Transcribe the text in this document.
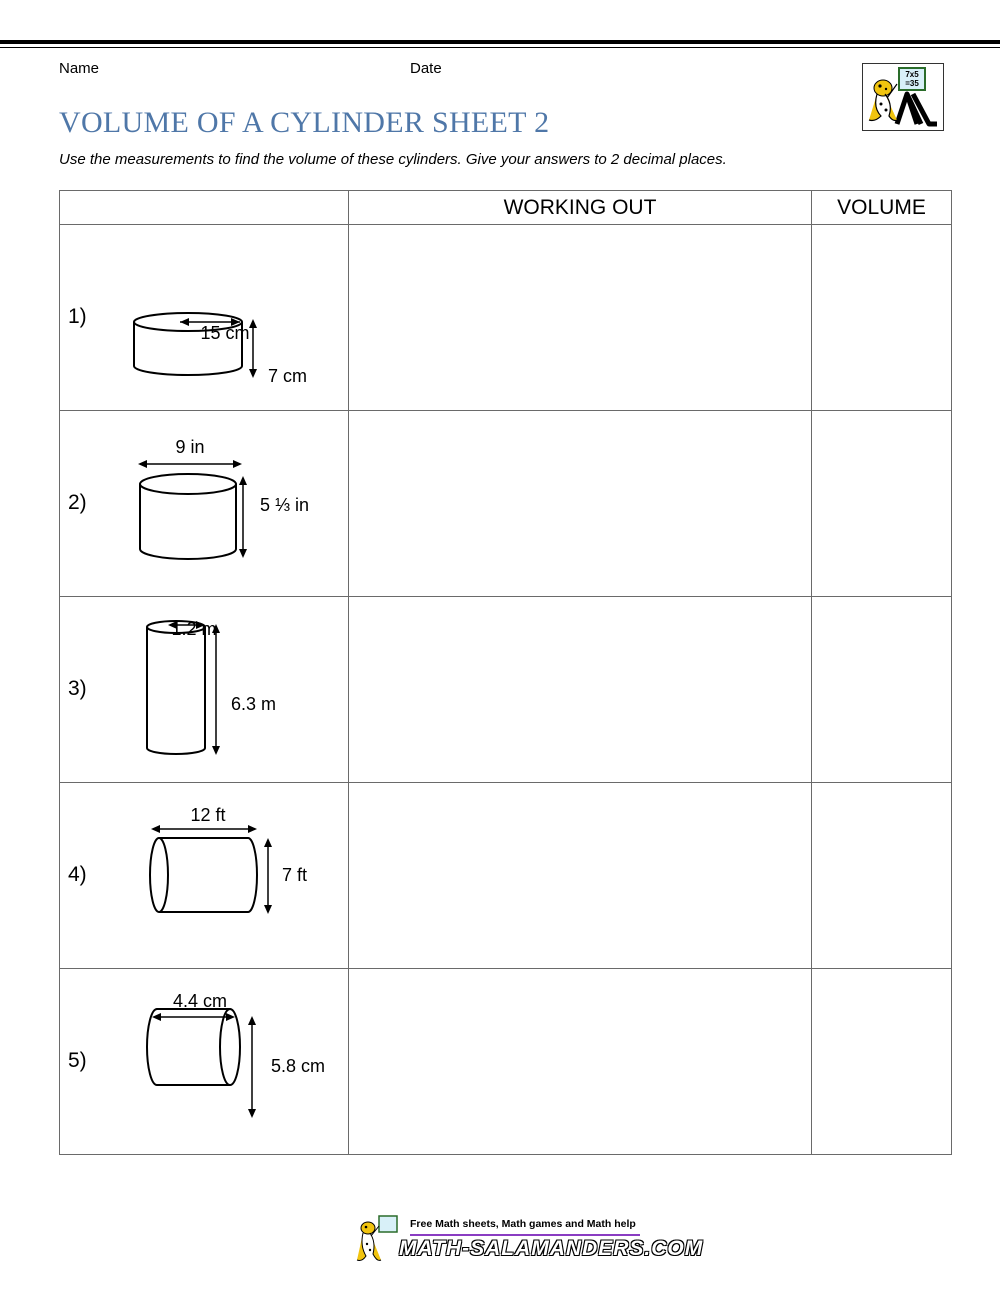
Name	Date	7x5
=35
VOLUME OF A CYLINDER SHEET 2
Use the measurements to find the volume of these cylinders. Give your answers to 2 decimal places.
	WORKING OUT	VOLUME

1)
15 cm
7 cm		

2)
9 in
5 ⅓ in		

3)
1.2 m
6.3 m		

4)
12 ft
7 ft		

5)
4.4 cm
5.8 cm		

Free Math sheets, Math games and Math help
MATH-SALAMANDERS.COM
